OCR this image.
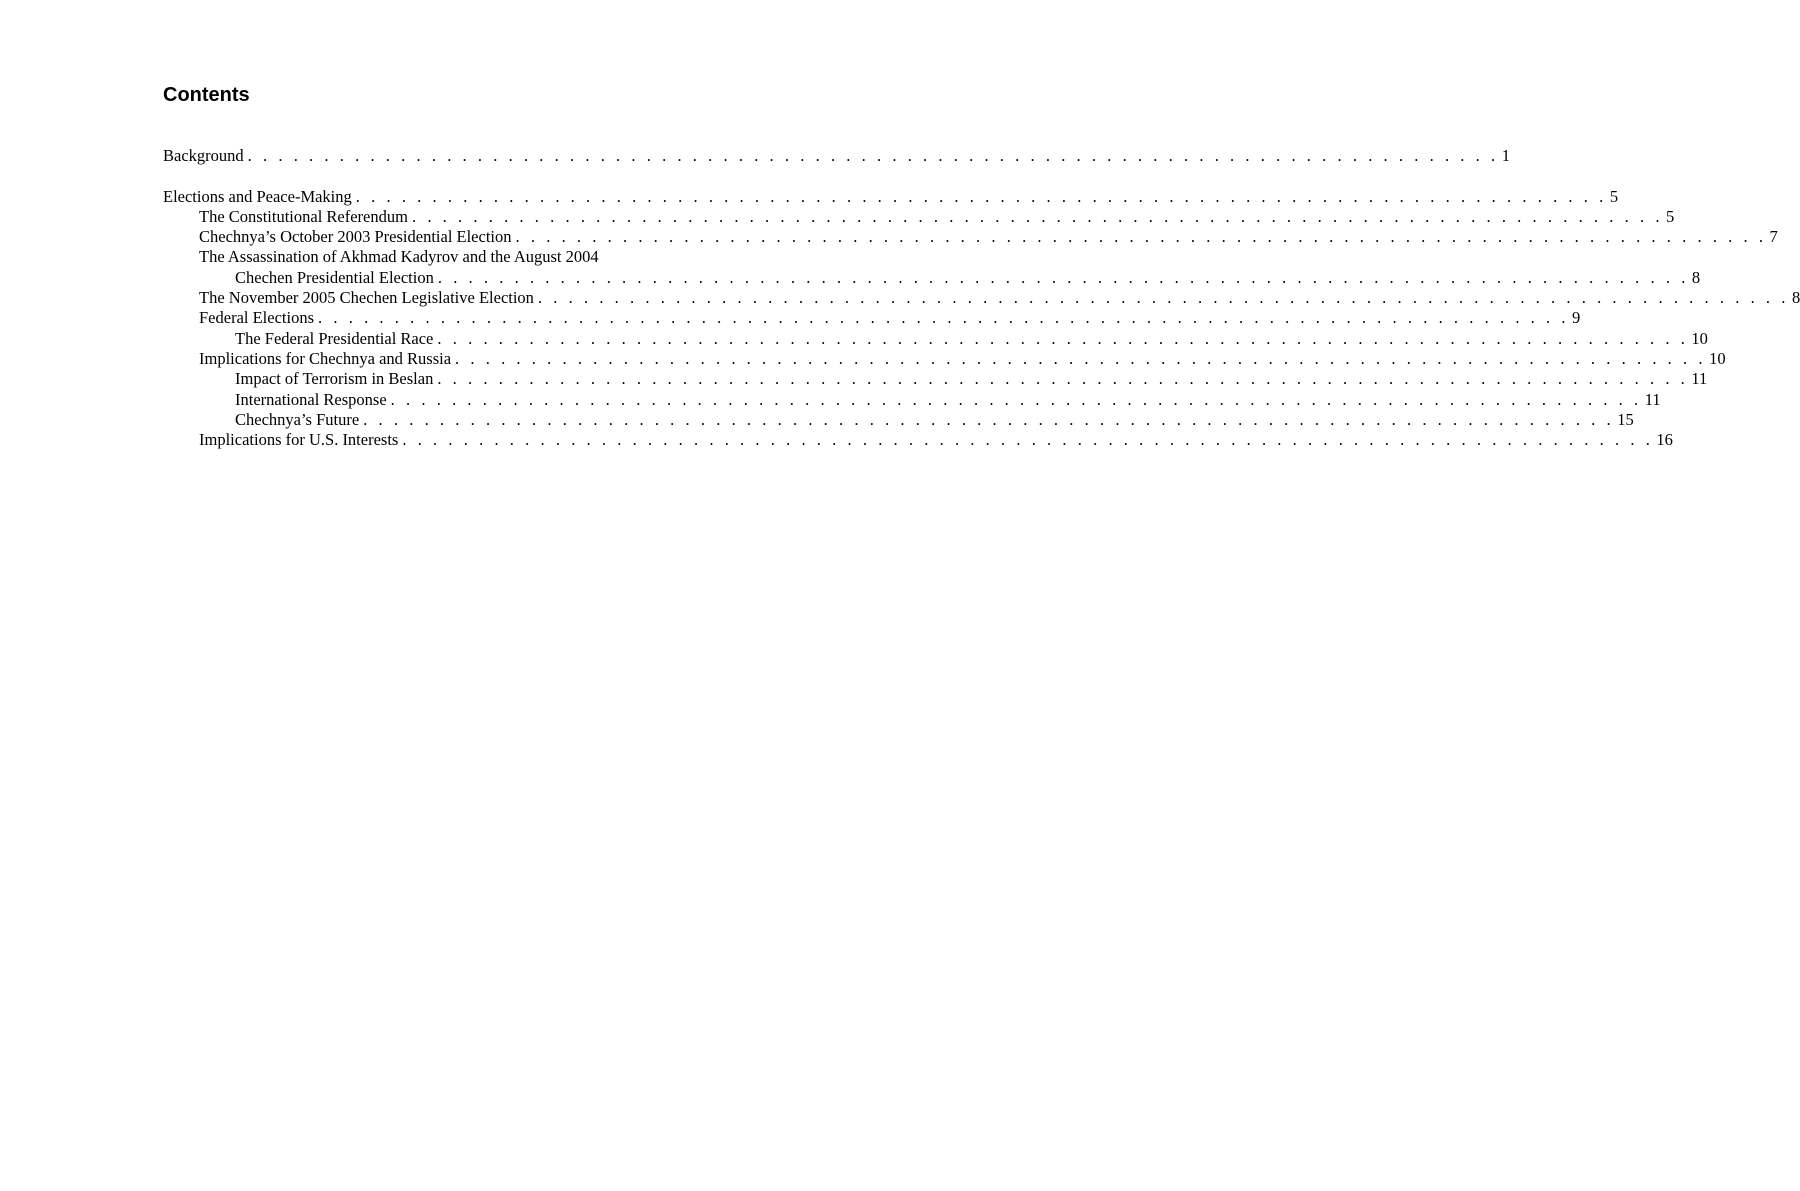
Contents
Background . . . . . . . . . . . . . . . . . . . . . . . . . . . . . . . . . . . . . . . . . . . . . . . . . . . . . . . . . . . . . . . . . . . . . . . . . . . . . . . . . . 1
Elections and Peace-Making . . . . . . . . . . . . . . . . . . . . . . . . . . . . . . . . . . . . . . . . . . . . . . . . . . . . . . . . . . . . . . . . . . . . . . . . . . . . . . . . . . 5
The Constitutional Referendum . . . . . . . . . . . . . . . . . . . . . . . . . . . . . . . . . . . . . . . . . . . . . . . . . . . . . . . . . . . . . . . . . . . . . . . . . . . . . . . . . . 5
Chechnya’s October 2003 Presidential Election . . . . . . . . . . . . . . . . . . . . . . . . . . . . . . . . . . . . . . . . . . . . . . . . . . . . . . . . . . . . . . . . . . . . . . . . . . . . . . . . . . 7
The Assassination of Akhmad Kadyrov and the August 2004
Chechen Presidential Election . . . . . . . . . . . . . . . . . . . . . . . . . . . . . . . . . . . . . . . . . . . . . . . . . . . . . . . . . . . . . . . . . . . . . . . . . . . . . . . . . . 8
The November 2005 Chechen Legislative Election . . . . . . . . . . . . . . . . . . . . . . . . . . . . . . . . . . . . . . . . . . . . . . . . . . . . . . . . . . . . . . . . . . . . . . . . . . . . . . . . . . 8
Federal Elections . . . . . . . . . . . . . . . . . . . . . . . . . . . . . . . . . . . . . . . . . . . . . . . . . . . . . . . . . . . . . . . . . . . . . . . . . . . . . . . . . . 9
The Federal Presidential Race . . . . . . . . . . . . . . . . . . . . . . . . . . . . . . . . . . . . . . . . . . . . . . . . . . . . . . . . . . . . . . . . . . . . . . . . . . . . . . . . . . 10
Implications for Chechnya and Russia . . . . . . . . . . . . . . . . . . . . . . . . . . . . . . . . . . . . . . . . . . . . . . . . . . . . . . . . . . . . . . . . . . . . . . . . . . . . . . . . . . 10
Impact of Terrorism in Beslan . . . . . . . . . . . . . . . . . . . . . . . . . . . . . . . . . . . . . . . . . . . . . . . . . . . . . . . . . . . . . . . . . . . . . . . . . . . . . . . . . . 11
International Response . . . . . . . . . . . . . . . . . . . . . . . . . . . . . . . . . . . . . . . . . . . . . . . . . . . . . . . . . . . . . . . . . . . . . . . . . . . . . . . . . . 11
Chechnya’s Future . . . . . . . . . . . . . . . . . . . . . . . . . . . . . . . . . . . . . . . . . . . . . . . . . . . . . . . . . . . . . . . . . . . . . . . . . . . . . . . . . . 15
Implications for U.S. Interests . . . . . . . . . . . . . . . . . . . . . . . . . . . . . . . . . . . . . . . . . . . . . . . . . . . . . . . . . . . . . . . . . . . . . . . . . . . . . . . . . . 16
